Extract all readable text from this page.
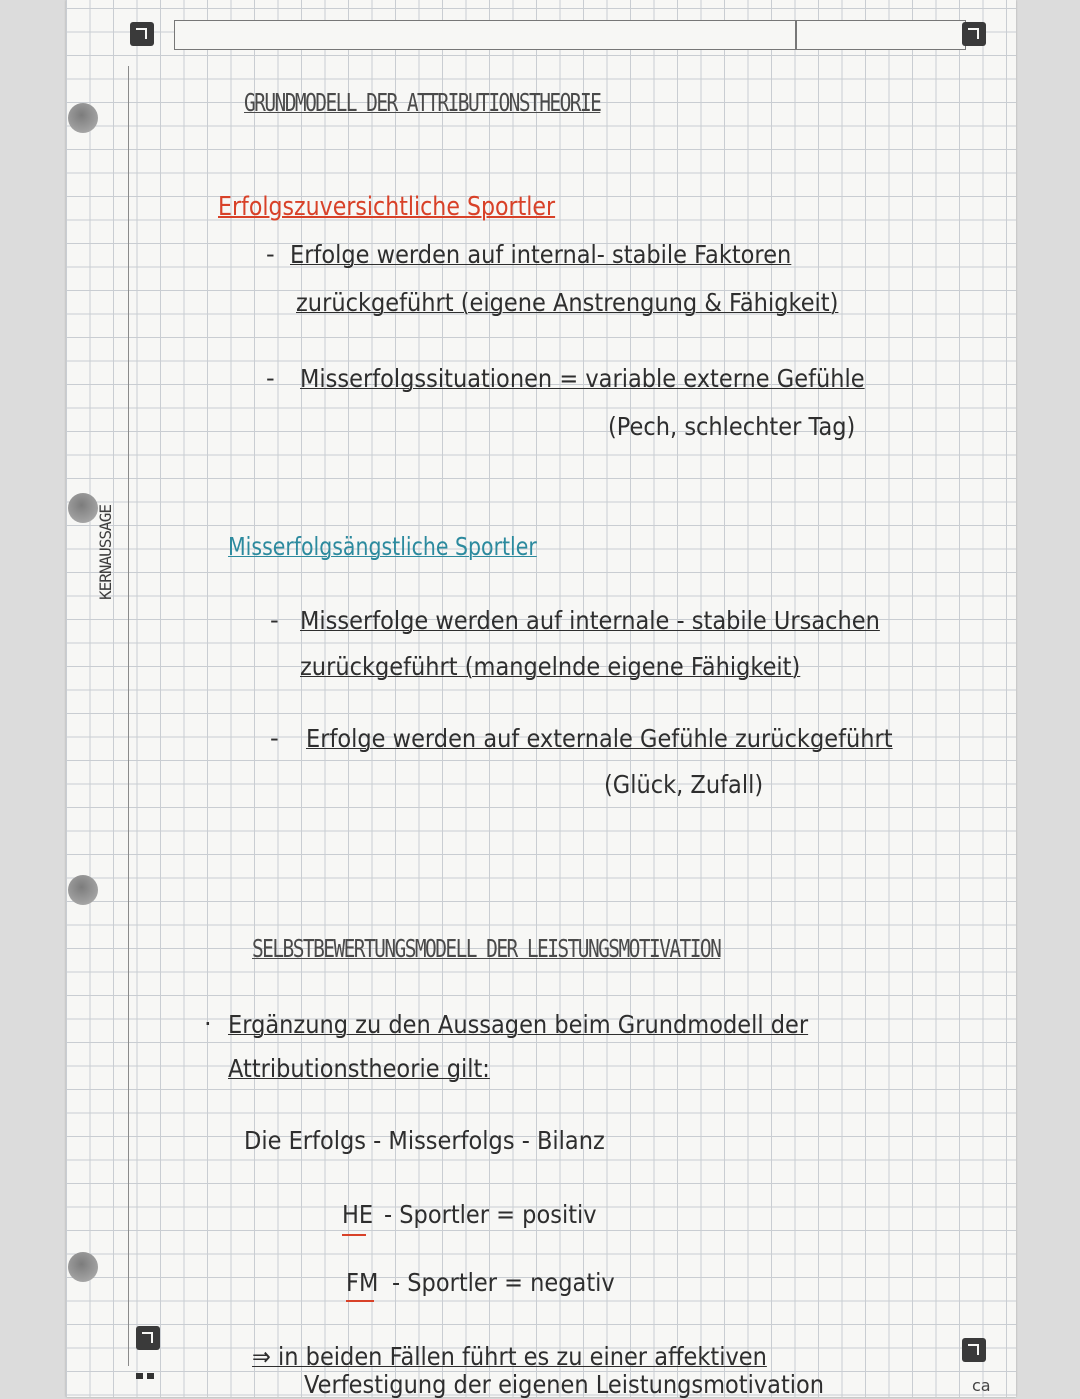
KERNAUSSAGE
GRUNDMODELL DER ATTRIBUTIONSTHEORIE
Erfolgszuversichtliche Sportler
- Erfolge werden auf internal- stabile Faktoren
zurückgeführt (eigene Anstrengung & Fähigkeit)
- Misserfolgssituationen = variable externe Gefühle
(Pech, schlechter Tag)
Misserfolgsängstliche Sportler
- Misserfolge werden auf internale - stabile Ursachen
zurückgeführt (mangelnde eigene Fähigkeit)
- Erfolge werden auf externale Gefühle zurückgeführt
(Glück, Zufall)
SELBSTBEWERTUNGSMODELL DER LEISTUNGSMOTIVATION
· Ergänzung zu den Aussagen beim Grundmodell der
Attributionstheorie gilt:
Die Erfolgs - Misserfolgs - Bilanz
HE - Sportler = positiv
FM - Sportler = negativ
⇒ in beiden Fällen führt es zu einer affektiven
Verfestigung der eigenen Leistungsmotivation	ca
